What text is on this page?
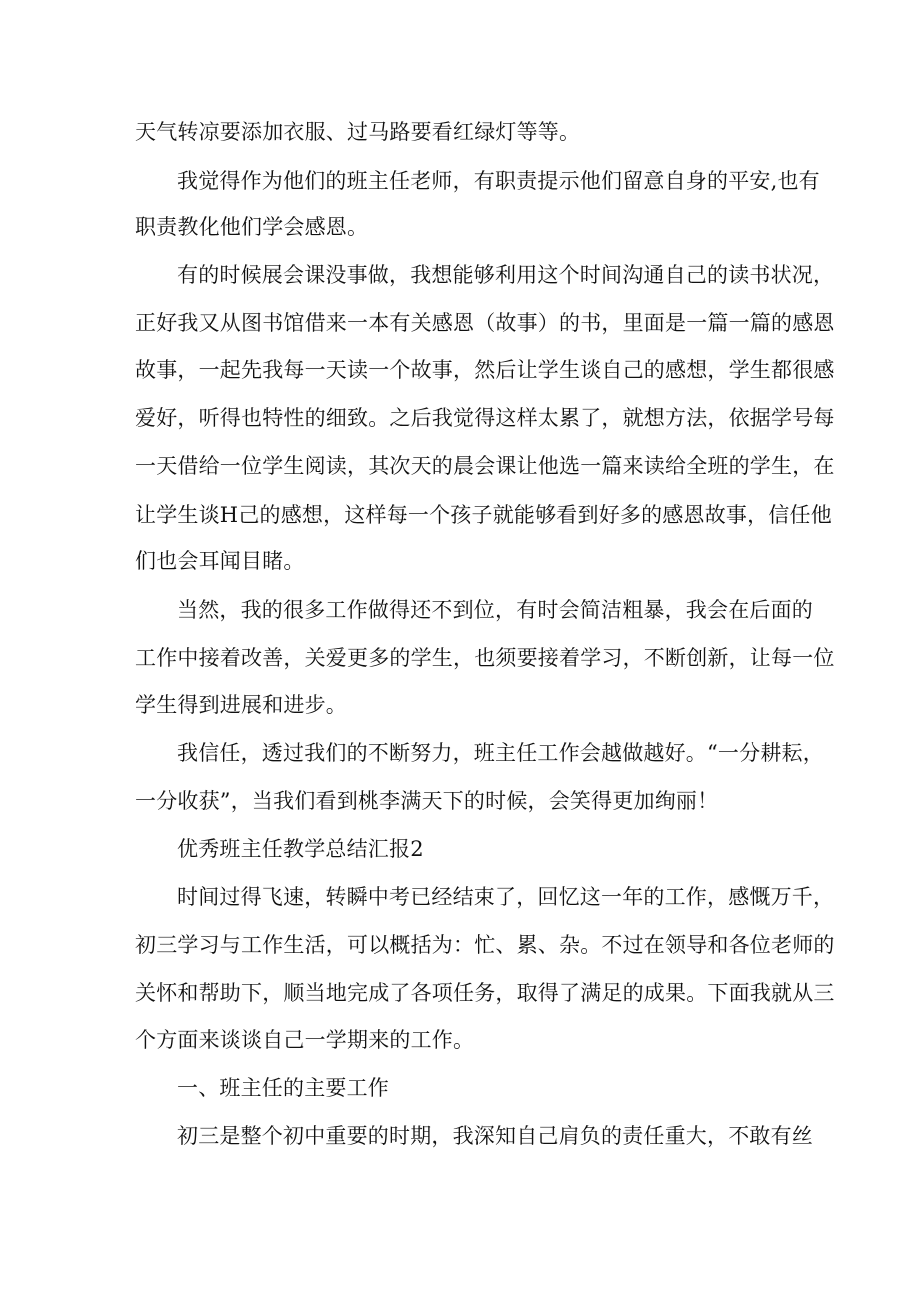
天气转凉要添加衣服、过马路要看红绿灯等等。

我觉得作为他们的班主任老师，有职责提示他们留意自身的平安,也有

职责教化他们学会感恩。

有的时候展会课没事做，我想能够利用这个时间沟通自己的读书状况，

正好我又从图书馆借来一本有关感恩（故事）的书，里面是一篇一篇的感恩

故事，一起先我每一天读一个故事，然后让学生谈自己的感想，学生都很感

爱好，听得也特性的细致。之后我觉得这样太累了，就想方法，依据学号每

一天借给一位学生阅读，其次天的晨会课让他选一篇来读给全班的学生，在

让学生谈H己的感想，这样每一个孩子就能够看到好多的感恩故事，信任他

们也会耳闻目睹。

当然，我的很多工作做得还不到位，有时会简洁粗暴，我会在后面的

工作中接着改善，关爱更多的学生，也须要接着学习，不断创新，让每一位

学生得到进展和进步。

我信任，透过我们的不断努力，班主任工作会越做越好。“一分耕耘，

一分收获”，当我们看到桃李满天下的时候，会笑得更加绚丽！

优秀班主任教学总结汇报2

时间过得飞速，转瞬中考已经结束了，回忆这一年的工作，感慨万千，

初三学习与工作生活，可以概括为：忙、累、杂。不过在领导和各位老师的

关怀和帮助下，顺当地完成了各项任务，取得了满足的成果。下面我就从三

个方面来谈谈自己一学期来的工作。

一、班主任的主要工作

初三是整个初中重要的时期，我深知自己肩负的责任重大，不敢有丝
